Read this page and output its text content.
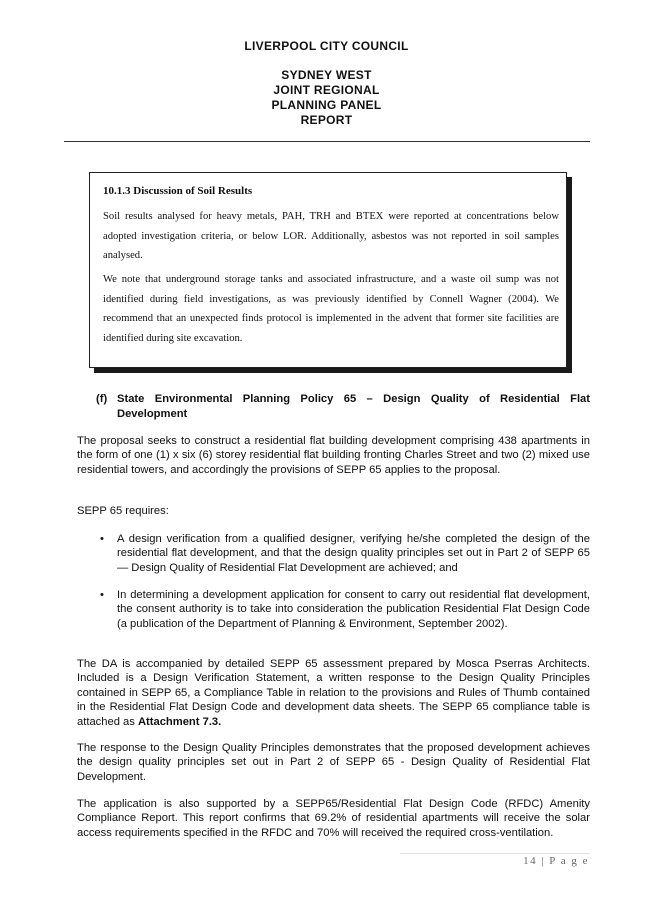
LIVERPOOL CITY COUNCIL
SYDNEY WEST
JOINT REGIONAL
PLANNING PANEL
REPORT
10.1.3 Discussion of Soil Results

Soil results analysed for heavy metals, PAH, TRH and BTEX were reported at concentrations below adopted investigation criteria, or below LOR. Additionally, asbestos was not reported in soil samples analysed.

We note that underground storage tanks and associated infrastructure, and a waste oil sump was not identified during field investigations, as was previously identified by Connell Wagner (2004). We recommend that an unexpected finds protocol is implemented in the advent that former site facilities are identified during site excavation.

(f) State Environmental Planning Policy 65 – Design Quality of Residential Flat
Development

The proposal seeks to construct a residential flat building development comprising 438 apartments in the form of one (1) x six (6) storey residential flat building fronting Charles Street and two (2) mixed use residential towers, and accordingly the provisions of SEPP 65 applies to the proposal.

SEPP 65 requires:

• A design verification from a qualified designer, verifying he/she completed the design of the residential flat development, and that the design quality principles set out in Part 2 of SEPP 65 — Design Quality of Residential Flat Development are achieved; and

• In determining a development application for consent to carry out residential flat development, the consent authority is to take into consideration the publication Residential Flat Design Code (a publication of the Department of Planning & Environment, September 2002).

The DA is accompanied by detailed SEPP 65 assessment prepared by Mosca Pserras Architects. Included is a Design Verification Statement, a written response to the Design Quality Principles contained in SEPP 65, a Compliance Table in relation to the provisions and Rules of Thumb contained in the Residential Flat Design Code and development data sheets. The SEPP 65 compliance table is attached as Attachment 7.3.

The response to the Design Quality Principles demonstrates that the proposed development achieves the design quality principles set out in Part 2 of SEPP 65 - Design Quality of Residential Flat Development.

The application is also supported by a SEPP65/Residential Flat Design Code (RFDC) Amenity Compliance Report. This report confirms that 69.2% of residential apartments will receive the solar access requirements specified in the RFDC and 70% will received the required cross-ventilation.

14 | P a g e
